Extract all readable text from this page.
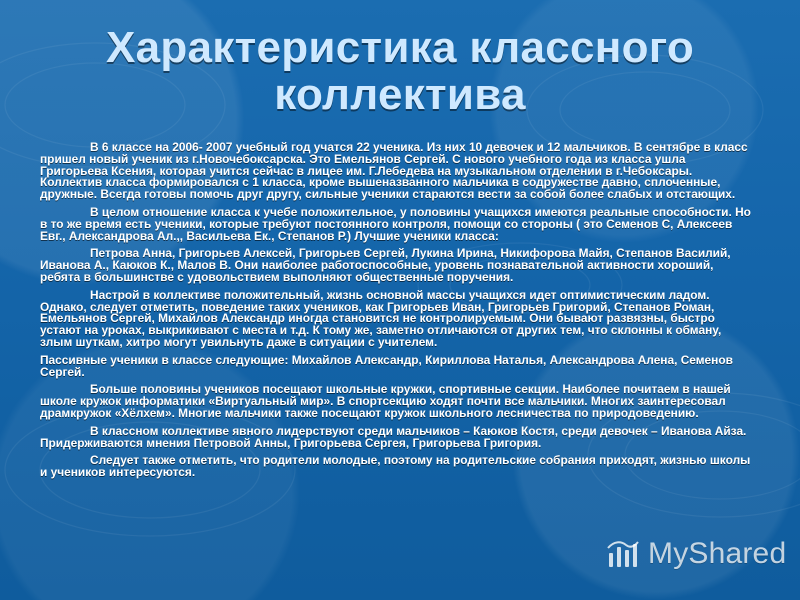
Характеристика классного
коллектива

В 6 классе на 2006- 2007 учебный год учатся 22 ученика. Из них 10 девочек и 12 мальчиков. В сентябре в класс пришел новый ученик из г.Новочебоксарска. Это Емельянов Сергей. С нового учебного года из класса ушла Григорьева Ксения, которая учится сейчас в лицее им. Г.Лебедева на музыкальном отделении в г.Чебоксары. Коллектив класса формировался с 1 класса, кроме вышеназванного мальчика в содружестве давно, сплоченные, дружные. Всегда готовы помочь друг другу, сильные ученики стараются вести за собой более слабых и отстающих.

В целом отношение класса к учебе положительное, у половины учащихся имеются реальные способности. Но в то же время есть ученики, которые требуют постоянного контроля, помощи со стороны ( это Семенов С, Алексеев Евг., Александрова Ал.,, Васильева Ек., Степанов Р.) Лучшие ученики класса:

Петрова Анна, Григорьев Алексей, Григорьев Сергей, Лукина Ирина, Никифорова Майя, Степанов Василий, Иванова А., Каюков К., Малов В. Они наиболее работоспособные, уровень познавательной активности хороший, ребята в большинстве с удовольствием выполняют общественные поручения.

Настрой в коллективе положительный, жизнь основной массы учащихся идет оптимистическим ладом. Однако, следует отметить, поведение таких учеников, как Григорьев Иван, Григорьев Григорий, Степанов Роман, Емельянов Сергей, Михайлов Александр иногда становится не контролируемым. Они бывают развязны, быстро устают на уроках, выкрикивают с места и т.д. К тому же, заметно отличаются от других тем, что склонны к обману, злым шуткам, хитро могут увильнуть даже в ситуации с учителем.

Пассивные ученики в классе следующие: Михайлов Александр, Кириллова Наталья, Александрова Алена, Семенов Сергей.

Больше половины учеников посещают школьные кружки, спортивные секции. Наиболее почитаем в нашей школе кружок информатики «Виртуальный мир». В спортсекцию ходят почти все мальчики. Многих заинтересовал драмкружок «Хёлхем». Многие мальчики также посещают кружок школьного лесничества по природоведению.

В классном коллективе явного лидерствуют среди мальчиков – Каюков Костя, среди девочек – Иванова Айза. Придерживаются мнения Петровой Анны, Григорьева Сергея, Григорьева Григория.

Следует также отметить, что родители молодые, поэтому на родительские собрания приходят, жизнью школы и учеников интересуются.

MyShared
